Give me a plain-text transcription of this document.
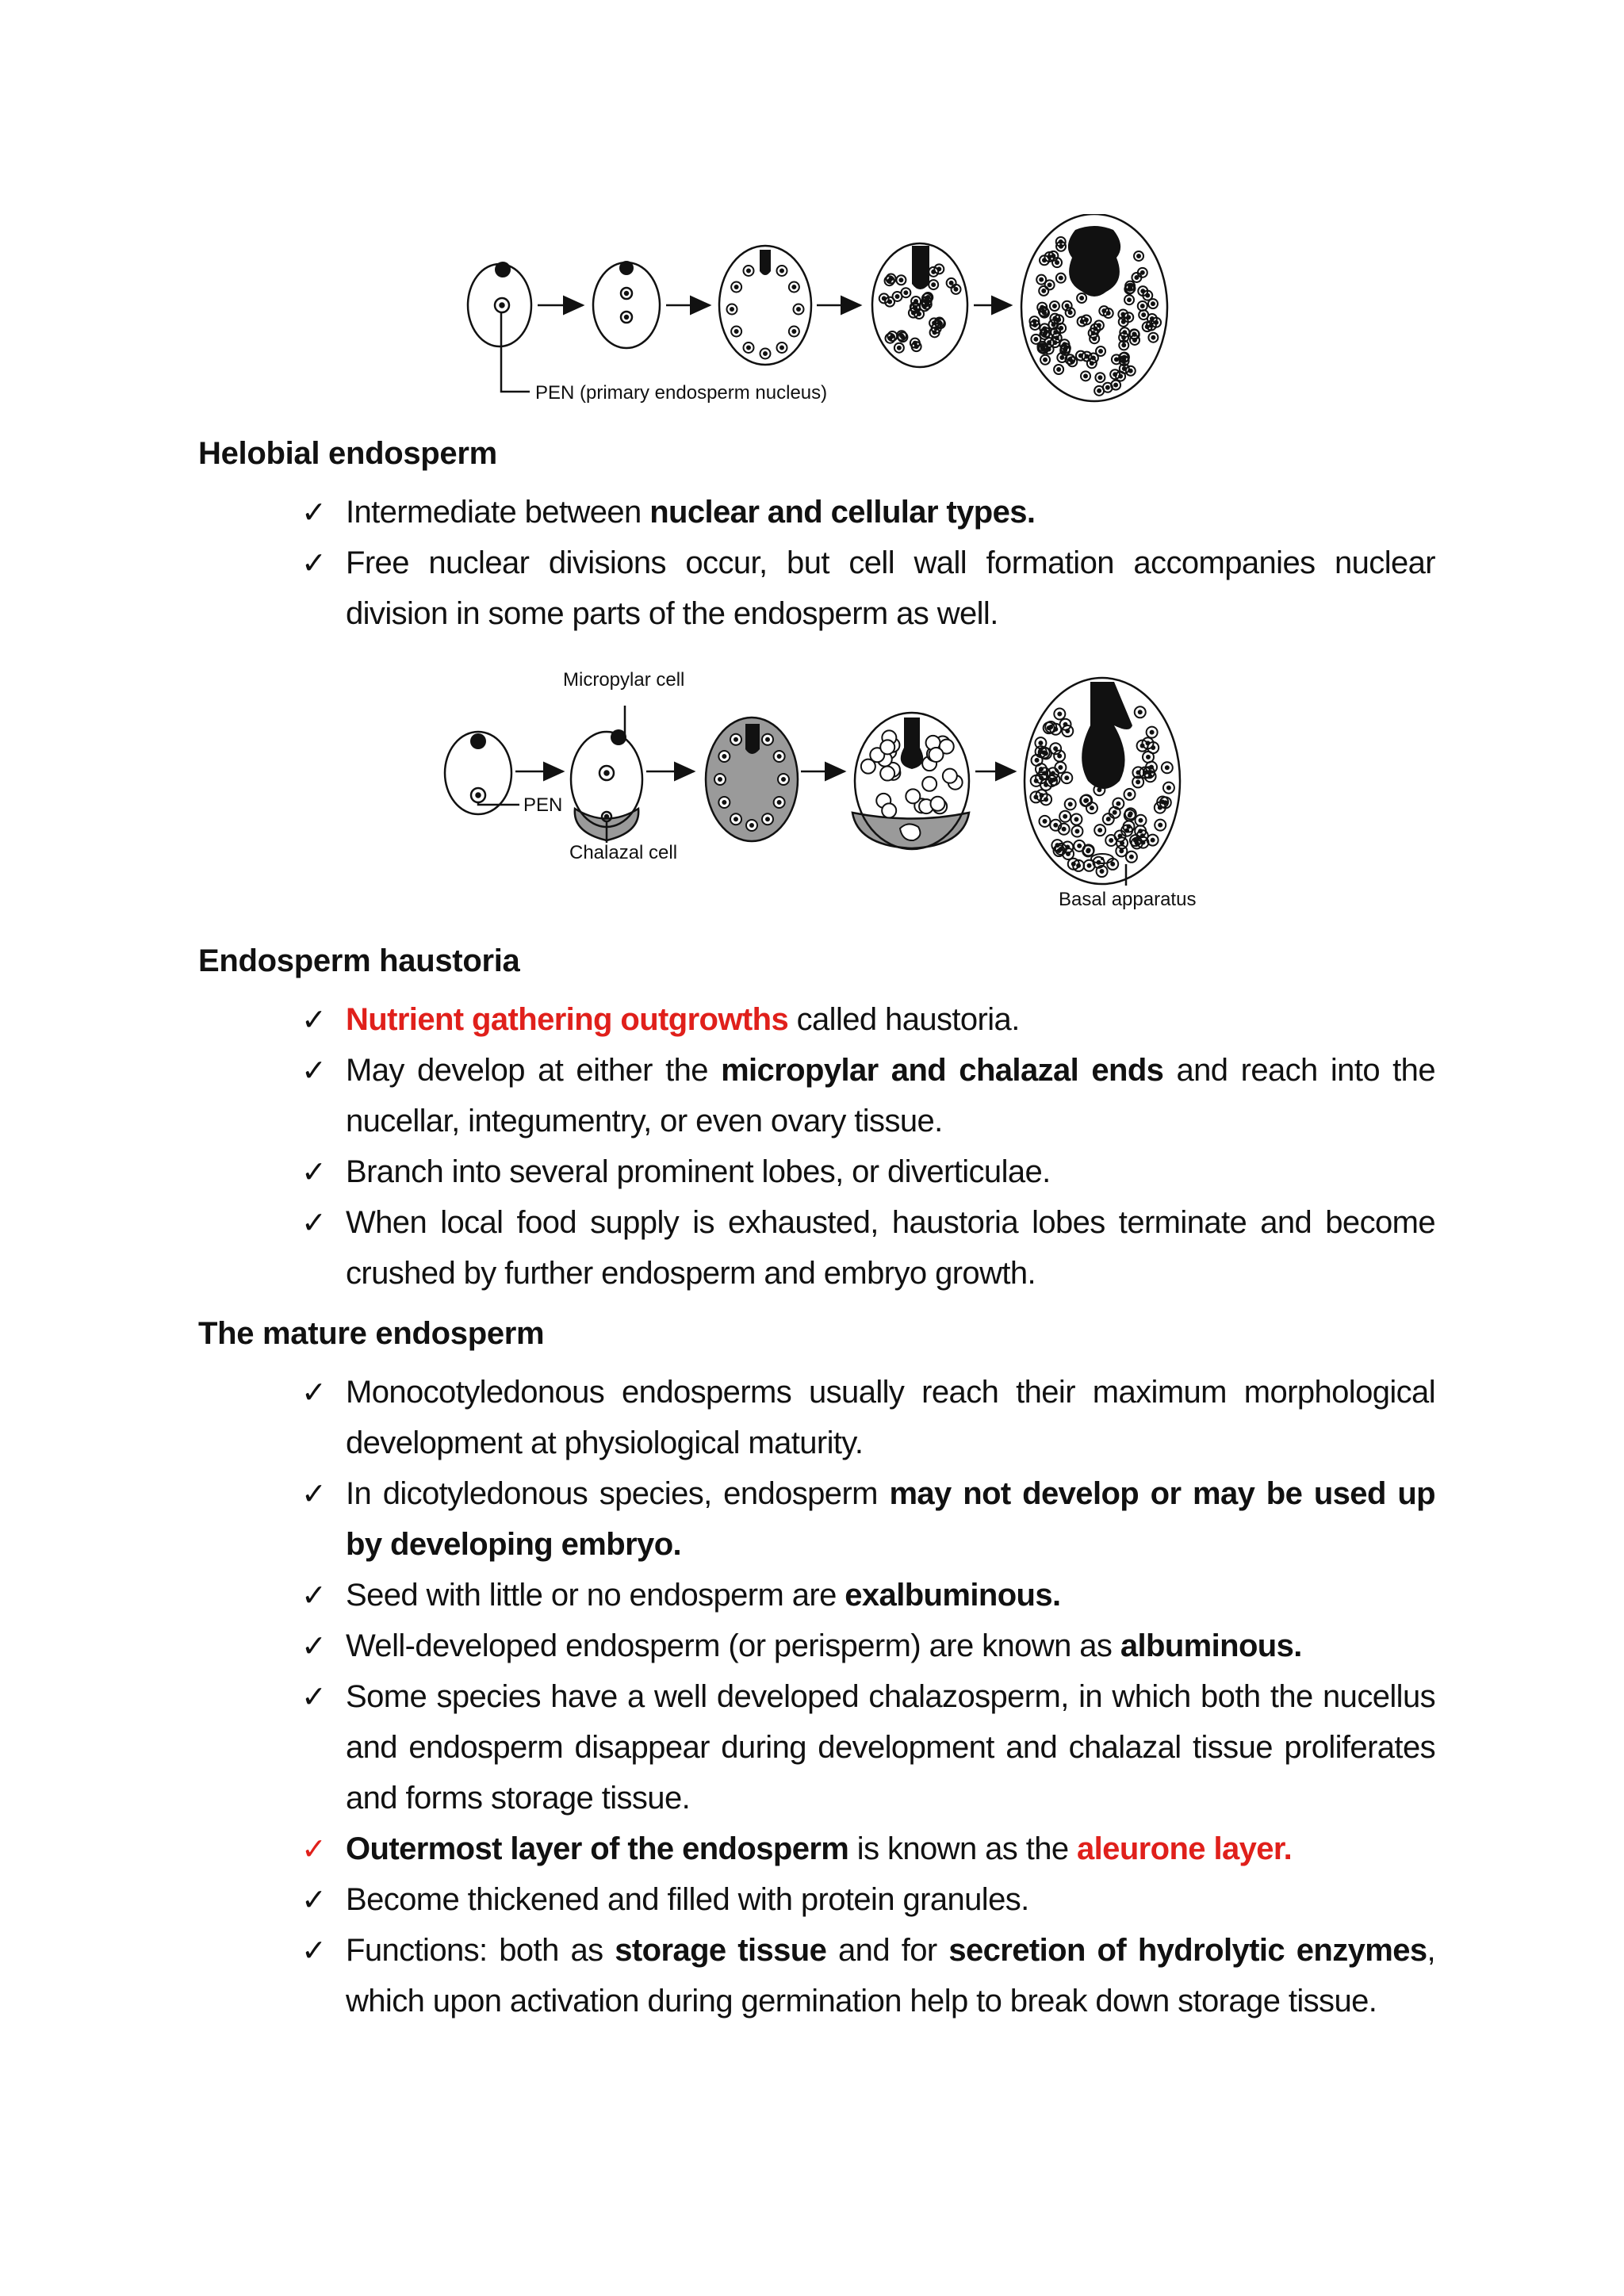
PEN (primary endosperm nucleus)
Helobial endosperm
✓ Intermediate between nuclear and cellular types.
✓ Free nuclear divisions occur, but cell wall formation accompanies nuclear division in some parts of the endosperm as well.
Micropylar cell
PEN
Chalazal cell
Basal apparatus
Endosperm haustoria
✓ Nutrient gathering outgrowths called haustoria.
✓ May develop at either the micropylar and chalazal ends and reach into the nucellar, integumentry, or even ovary tissue.
✓ Branch into several prominent lobes, or diverticulae.
✓ When local food supply is exhausted, haustoria lobes terminate and become crushed by further endosperm and embryo growth.
The mature endosperm
✓ Monocotyledonous endosperms usually reach their maximum morphological development at physiological maturity.
✓ In dicotyledonous species, endosperm may not develop or may be used up by developing embryo.
✓ Seed with little or no endosperm are exalbuminous.
✓ Well-developed endosperm (or perisperm) are known as albuminous.
✓ Some species have a well developed chalazosperm, in which both the nucellus and endosperm disappear during development and chalazal tissue proliferates and forms storage tissue.
✓ Outermost layer of the endosperm is known as the aleurone layer.
✓ Become thickened and filled with protein granules.
✓ Functions: both as storage tissue and for secretion of hydrolytic enzymes, which upon activation during germination help to break down storage tissue.
